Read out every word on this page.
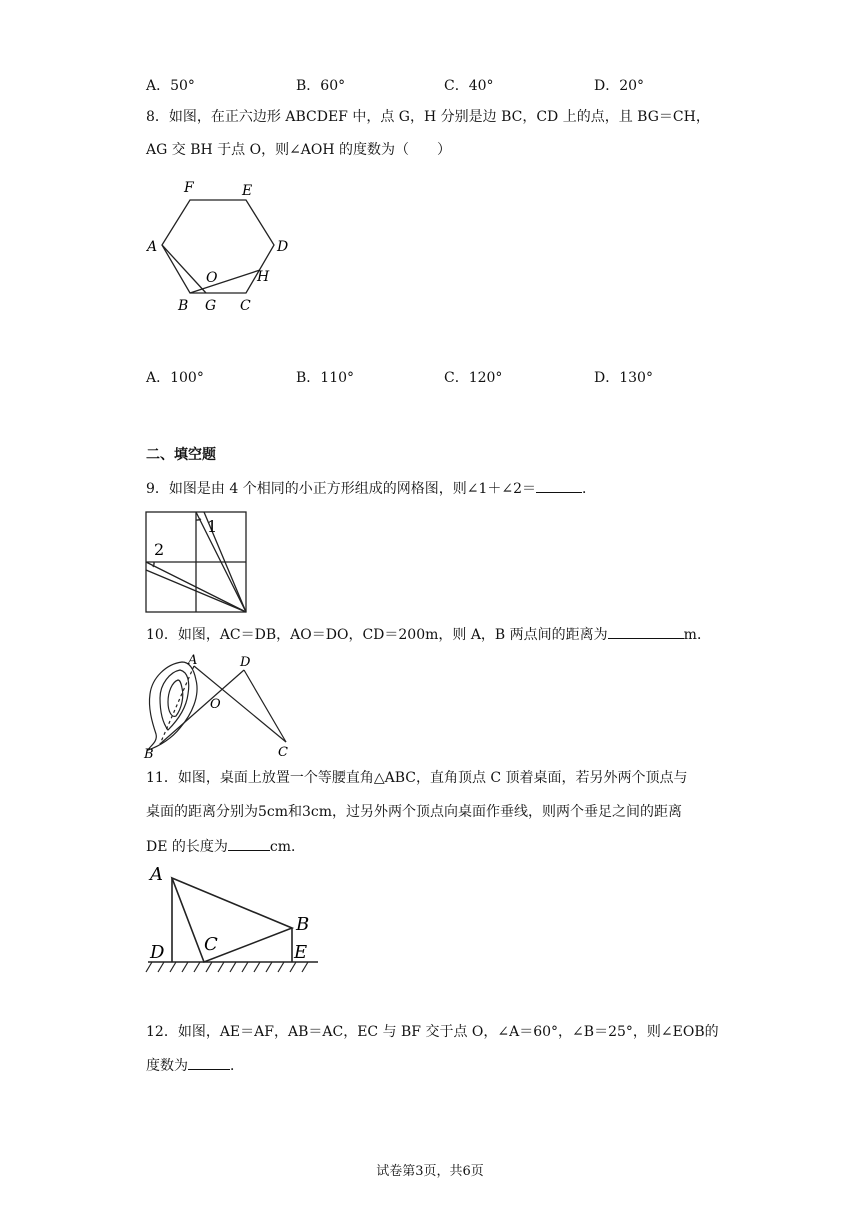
A．50°	B．60°	C．40°	D．20°
8．如图，在正六边形 ABCDEF 中，点 G，H 分别是边 BC，CD 上的点，且 BG＝CH，
AG 交 BH 于点 O，则∠AOH 的度数为（　　）
F	E
A	D
O	H
B G C
A．100°	B．110°	C．120°	D．130°
二、填空题
9．如图是由 4 个相同的小正方形组成的网格图，则∠1＋∠2＝	．
1
2
10．如图，AC＝DB，AO＝DO，CD＝200m，则 A，B 两点间的距离为	m．
A	D
O
B	C
11．如图，桌面上放置一个等腰直角△ABC，直角顶点 C 顶着桌面，若另外两个顶点与
桌面的距离分别为5cm和3cm，过另外两个顶点向桌面作垂线，则两个垂足之间的距离
DE 的长度为	cm．
A
B
D C	E
12．如图，AE＝AF，AB＝AC，EC 与 BF 交于点 O，∠A＝60°，∠B＝25°，则∠EOB的
度数为	．
试卷第3页，共6页
